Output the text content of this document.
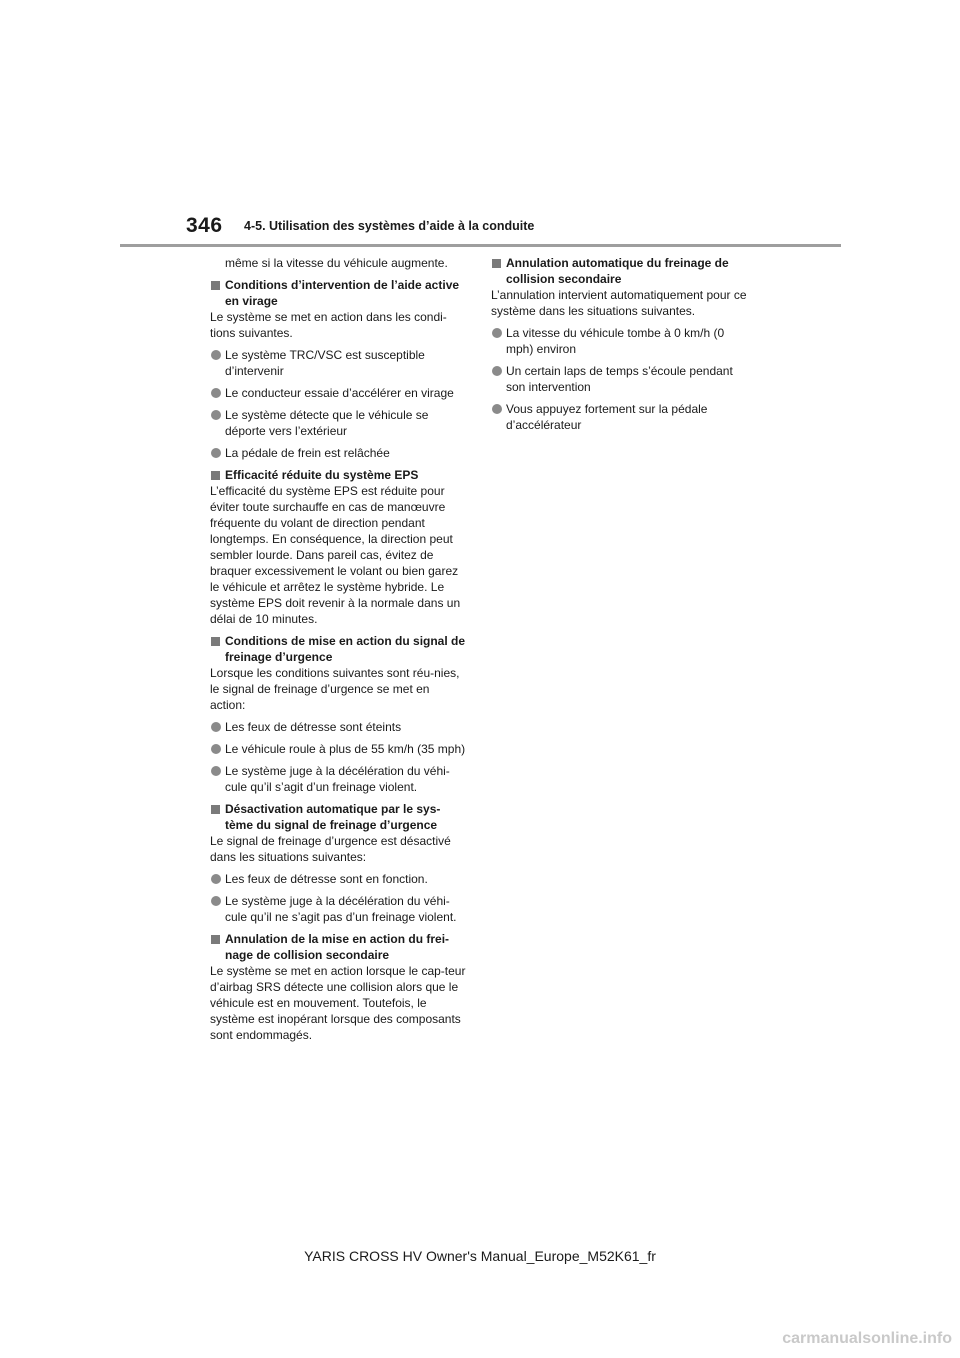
346 4-5. Utilisation des systèmes d’aide à la conduite

même si la vitesse du véhicule augmente.

Conditions d’intervention de l’aide active en virage

Le système se met en action dans les condi-tions suivantes.

Le système TRC/VSC est susceptible d’intervenir
Le conducteur essaie d’accélérer en virage
Le système détecte que le véhicule se déporte vers l’extérieur
La pédale de frein est relâchée
Efficacité réduite du système EPS

L’efficacité du système EPS est réduite pour éviter toute surchauffe en cas de manœuvre fréquente du volant de direction pendant longtemps. En conséquence, la direction peut sembler lourde. Dans pareil cas, évitez de braquer excessivement le volant ou bien garez le véhicule et arrêtez le système hybride. Le système EPS doit revenir à la normale dans un délai de 10 minutes.

Conditions de mise en action du signal de freinage d’urgence

Lorsque les conditions suivantes sont réu-nies, le signal de freinage d’urgence se met en action:

Les feux de détresse sont éteints
Le véhicule roule à plus de 55 km/h (35 mph)
Le système juge à la décélération du véhi-cule qu’il s’agit d’un freinage violent.
Désactivation automatique par le sys-tème du signal de freinage d’urgence

Le signal de freinage d’urgence est désactivé dans les situations suivantes:

Les feux de détresse sont en fonction.
Le système juge à la décélération du véhi-cule qu’il ne s’agit pas d’un freinage violent.
Annulation de la mise en action du frei-nage de collision secondaire

Le système se met en action lorsque le cap-teur d’airbag SRS détecte une collision alors que le véhicule est en mouvement. Toutefois, le système est inopérant lorsque des composants sont endommagés.

Annulation automatique du freinage de collision secondaire

L’annulation intervient automatiquement pour ce système dans les situations suivantes.

La vitesse du véhicule tombe à 0 km/h (0 mph) environ
Un certain laps de temps s’écoule pendant son intervention
Vous appuyez fortement sur la pédale d’accélérateur
YARIS CROSS HV Owner's Manual_Europe_M52K61_fr
carmanualsonline.info
